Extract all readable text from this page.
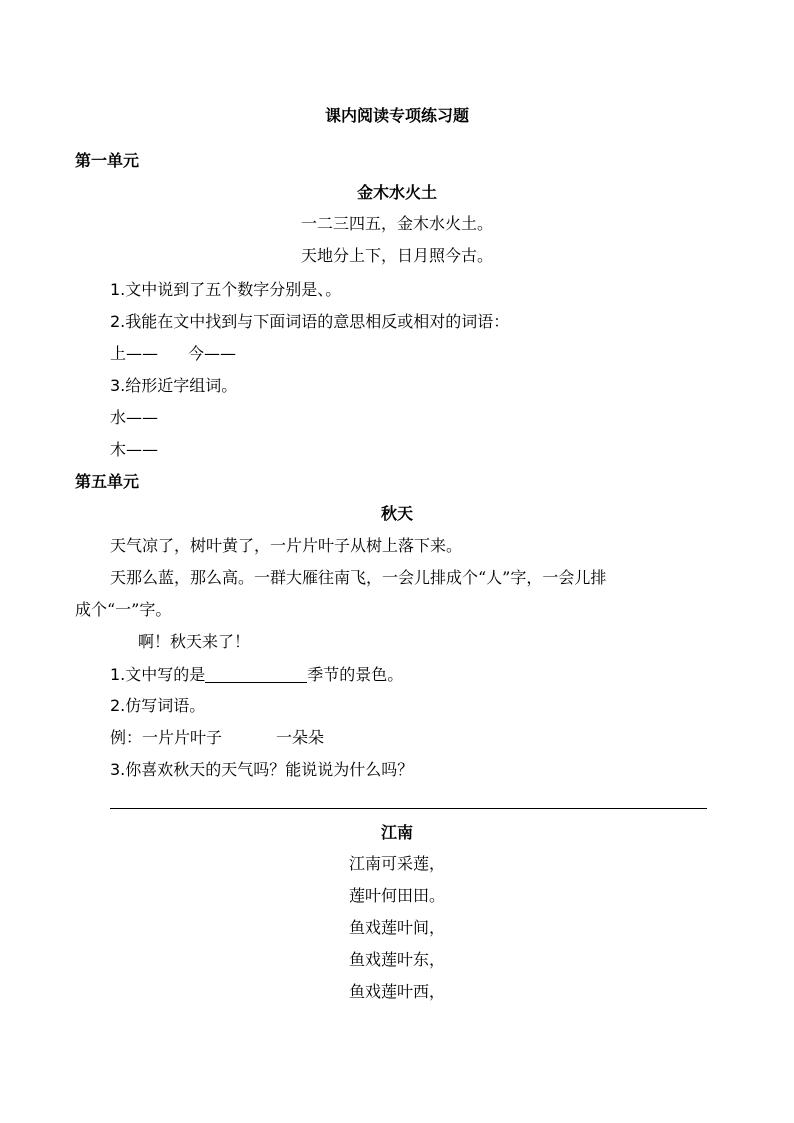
课内阅读专项练习题
第一单元
金木水火土
一二三四五，金木水火土。
天地分上下，日月照今古。
1.文中说到了五个数字分别是、。
2.我能在文中找到与下面词语的意思相反或相对的词语：
上—— 今——
3.给形近字组词。
水——
木——
第五单元
秋天
天气凉了，树叶黄了，一片片叶子从树上落下来。
天那么蓝，那么高。一群大雁往南飞，一会儿排成个“人”字，一会儿排
成个“一”字。
啊！秋天来了！
1.文中写的是	季节的景色。
2.仿写词语。
例：一片片叶子	一朵朵
3.你喜欢秋天的天气吗？能说说为什么吗？
江南
江南可采莲，
莲叶何田田。
鱼戏莲叶间，
鱼戏莲叶东，
鱼戏莲叶西，
